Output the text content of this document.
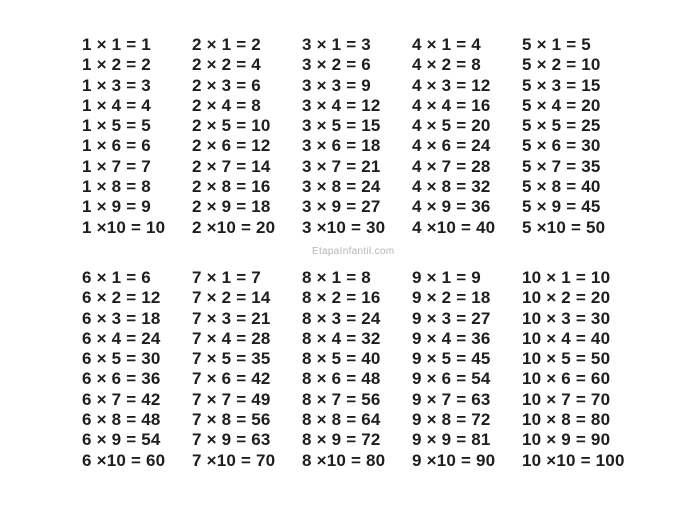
1 × 1 = 1
1 × 2 = 2
1 × 3 = 3
1 × 4 = 4
1 × 5 = 5
1 × 6 = 6
1 × 7 = 7
1 × 8 = 8
1 × 9 = 9
1 ×10 = 10
2 × 1 = 2
2 × 2 = 4
2 × 3 = 6
2 × 4 = 8
2 × 5 = 10
2 × 6 = 12
2 × 7 = 14
2 × 8 = 16
2 × 9 = 18
2 ×10 = 20
3 × 1 = 3
3 × 2 = 6
3 × 3 = 9
3 × 4 = 12
3 × 5 = 15
3 × 6 = 18
3 × 7 = 21
3 × 8 = 24
3 × 9 = 27
3 ×10 = 30
4 × 1 = 4
4 × 2 = 8
4 × 3 = 12
4 × 4 = 16
4 × 5 = 20
4 × 6 = 24
4 × 7 = 28
4 × 8 = 32
4 × 9 = 36
4 ×10 = 40
5 × 1 = 5
5 × 2 = 10
5 × 3 = 15
5 × 4 = 20
5 × 5 = 25
5 × 6 = 30
5 × 7 = 35
5 × 8 = 40
5 × 9 = 45
5 ×10 = 50
EtapaInfantil.com
6 × 1 = 6
6 × 2 = 12
6 × 3 = 18
6 × 4 = 24
6 × 5 = 30
6 × 6 = 36
6 × 7 = 42
6 × 8 = 48
6 × 9 = 54
6 ×10 = 60
7 × 1 = 7
7 × 2 = 14
7 × 3 = 21
7 × 4 = 28
7 × 5 = 35
7 × 6 = 42
7 × 7 = 49
7 × 8 = 56
7 × 9 = 63
7 ×10 = 70
8 × 1 = 8
8 × 2 = 16
8 × 3 = 24
8 × 4 = 32
8 × 5 = 40
8 × 6 = 48
8 × 7 = 56
8 × 8 = 64
8 × 9 = 72
8 ×10 = 80
9 × 1 = 9
9 × 2 = 18
9 × 3 = 27
9 × 4 = 36
9 × 5 = 45
9 × 6 = 54
9 × 7 = 63
9 × 8 = 72
9 × 9 = 81
9 ×10 = 90
10 × 1 = 10
10 × 2 = 20
10 × 3 = 30
10 × 4 = 40
10 × 5 = 50
10 × 6 = 60
10 × 7 = 70
10 × 8 = 80
10 × 9 = 90
10 ×10 = 100
